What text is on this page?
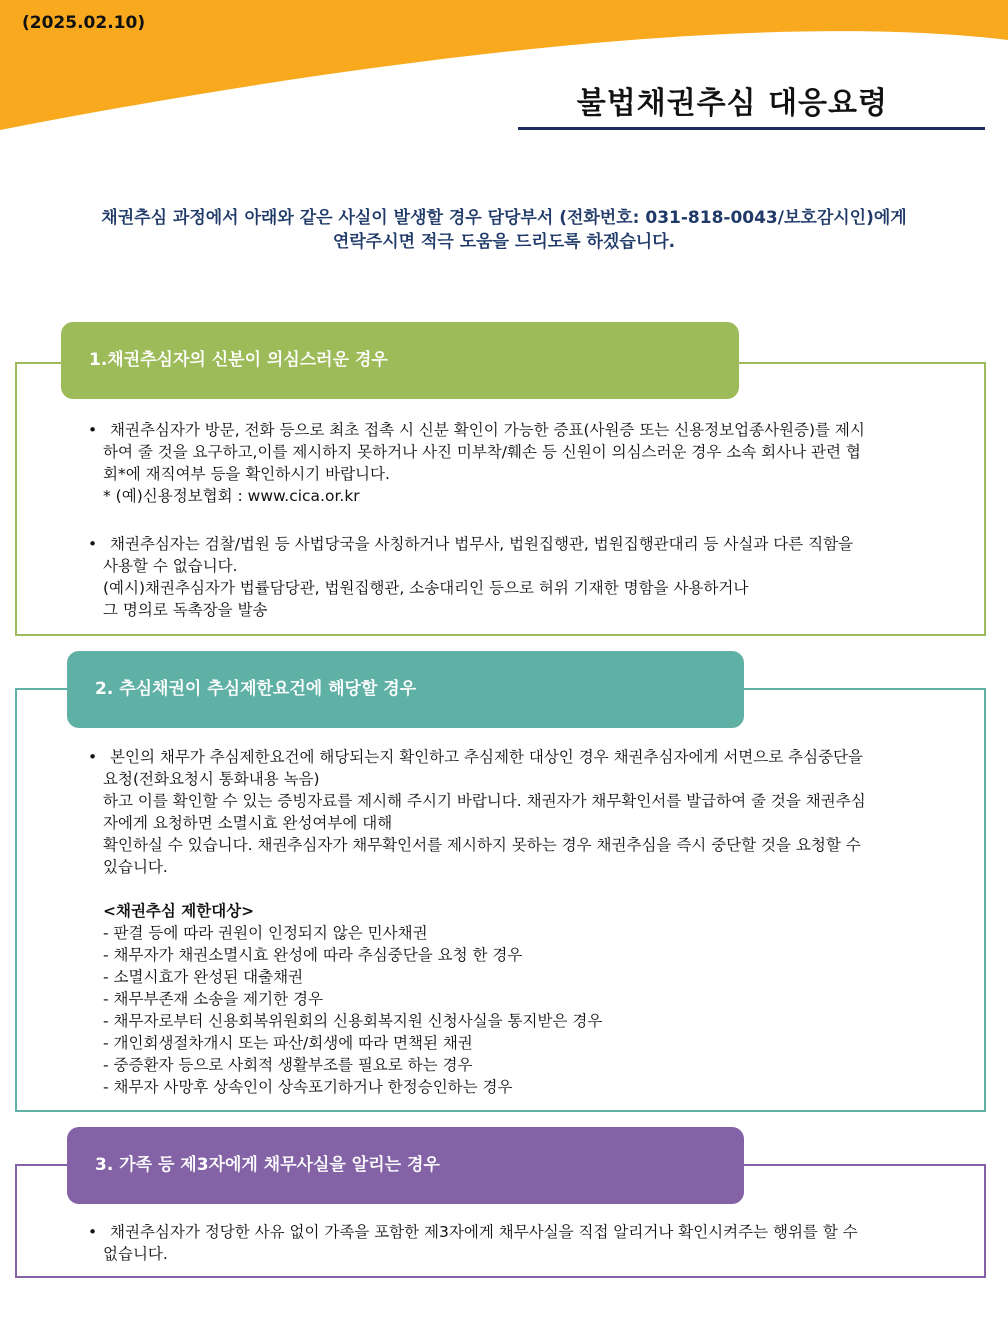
(2025.02.10)
불법채권추심 대응요령

채권추심 과정에서 아래와 같은 사실이 발생할 경우 담당부서 (전화번호: 031-818-0043/보호감시인)에게

연락주시면 적극 도움을 드리도록 하겠습니다.

1.채권추심자의 신분이 의심스러운 경우
• 채권추심자가 방문, 전화 등으로 최초 접촉 시 신분 확인이 가능한 증표(사원증 또는 신용정보업종사원증)를 제시

하여 줄 것을 요구하고,이를 제시하지 못하거나 사진 미부착/훼손 등 신원이 의심스러운 경우 소속 회사나 관련 협

회*에 재직여부 등을 확인하시기 바랍니다.

* (예)신용정보협회 : www.cica.or.kr

• 채권추심자는 검찰/법원 등 사법당국을 사칭하거나 법무사, 법원집행관, 법원집행관대리 등 사실과 다른 직함을

사용할 수 없습니다.

(예시)채권추심자가 법률담당관, 법원집행관, 소송대리인 등으로 허위 기재한 명함을 사용하거나

그 명의로 독촉장을 발송

2. 추심채권이 추심제한요건에 해당할 경우
• 본인의 채무가 추심제한요건에 해당되는지 확인하고 추심제한 대상인 경우 채권추심자에게 서면으로 추심중단을

요청(전화요청시 통화내용 녹음)

하고 이를 확인할 수 있는 증빙자료를 제시해 주시기 바랍니다. 채권자가 채무확인서를 발급하여 줄 것을 채권추심

자에게 요청하면 소멸시효 완성여부에 대해

확인하실 수 있습니다. 채권추심자가 채무확인서를 제시하지 못하는 경우 채권추심을 즉시 중단할 것을 요청할 수

있습니다.

<채권추심 제한대상>

- 판결 등에 따라 권원이 인정되지 않은 민사채권

- 채무자가 채권소멸시효 완성에 따라 추심중단을 요청 한 경우

- 소멸시효가 완성된 대출채권

- 채무부존재 소송을 제기한 경우

- 채무자로부터 신용회복위원회의 신용회복지원 신청사실을 통지받은 경우

- 개인회생절차개시 또는 파산/회생에 따라 면책된 채권

- 중증환자 등으로 사회적 생활부조를 필요로 하는 경우

- 채무자 사망후 상속인이 상속포기하거나 한정승인하는 경우

3. 가족 등 제3자에게 채무사실을 알리는 경우
• 채권추심자가 정당한 사유 없이 가족을 포함한 제3자에게 채무사실을 직접 알리거나 확인시켜주는 행위를 할 수

없습니다.
